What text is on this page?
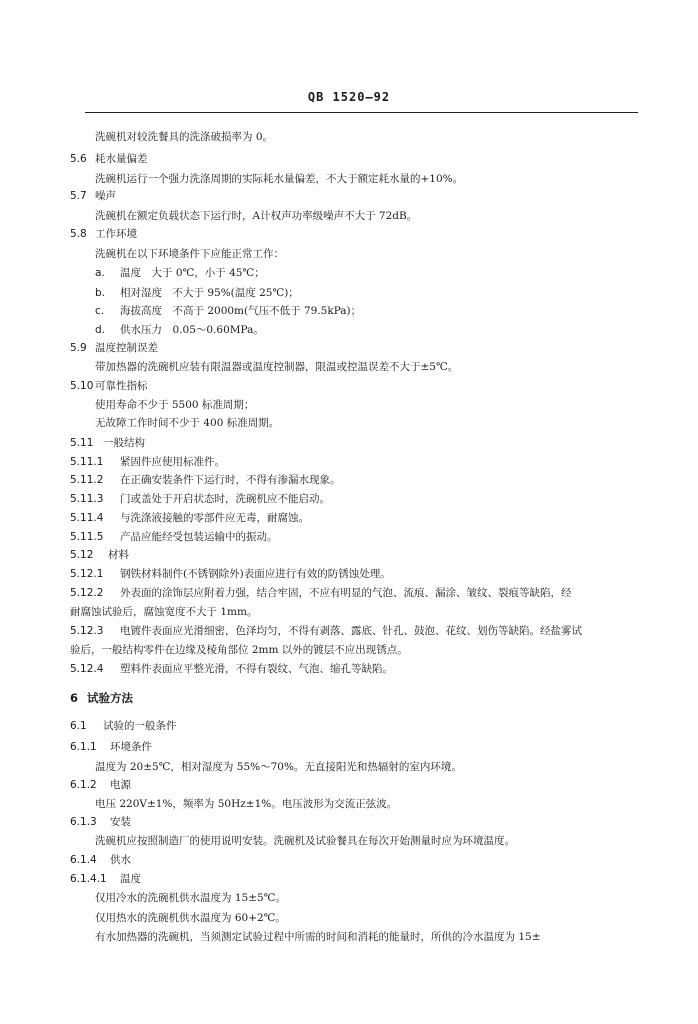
QB 1520—92
洗碗机对较洗餐具的洗涤破损率为 0。
5.6 耗水量偏差
洗碗机运行一个强力洗涤周期的实际耗水量偏差，不大于额定耗水量的+10%。
5.7 噪声
洗碗机在额定负载状态下运行时，A计权声功率级噪声不大于 72dB。
5.8 工作环境
洗碗机在以下环境条件下应能正常工作：
a. 温度　大于 0℃，小于 45℃；
b. 相对湿度　不大于 95%(温度 25℃)；
c. 海拔高度　不高于 2000m(气压不低于 79.5kPa)；
d. 供水压力　0.05～0.60MPa。
5.9 温度控制误差
带加热器的洗碗机应装有限温器或温度控制器，限温或控温误差不大于±5℃。
5.10 可靠性指标
使用寿命不少于 5500 标准周期；
无故障工作时间不少于 400 标准周期。
5.11 一般结构
5.11.1 紧固件应使用标准件。
5.11.2 在正确安装条件下运行时，不得有渗漏水现象。
5.11.3 门或盖处于开启状态时，洗碗机应不能启动。
5.11.4 与洗涤液接触的零部件应无毒，耐腐蚀。
5.11.5 产品应能经受包装运输中的振动。
5.12 材料
5.12.1 钢铁材料制件(不锈钢除外)表面应进行有效的防锈蚀处理。
5.12.2 外表面的涂饰层应附着力强，结合牢固，不应有明显的气泡、流痕、漏涂、皱纹、裂痕等缺陷，经
耐腐蚀试验后，腐蚀宽度不大于 1mm。
5.12.3 电镀件表面应光滑细密，色泽均匀，不得有剥落、露底、针孔、鼓泡、花纹、划伤等缺陷。经盐雾试
验后，一般结构零件在边缘及棱角部位 2mm 以外的镀层不应出现锈点。
5.12.4 塑料件表面应平整光滑，不得有裂纹、气泡、缩孔等缺陷。
6 试验方法
6.1 试验的一般条件
6.1.1 环境条件
温度为 20±5℃，相对湿度为 55%～70%。无直接阳光和热辐射的室内环境。
6.1.2 电源
电压 220V±1%，频率为 50Hz±1%。电压波形为交流正弦波。
6.1.3 安装
洗碗机应按照制造厂的使用说明安装。洗碗机及试验餐具在每次开始测量时应为环境温度。
6.1.4 供水
6.1.4.1 温度
仅用冷水的洗碗机供水温度为 15±5℃。
仅用热水的洗碗机供水温度为 60+2℃。
有水加热器的洗碗机，当须测定试验过程中所需的时间和消耗的能量时，所供的冷水温度为 15±
